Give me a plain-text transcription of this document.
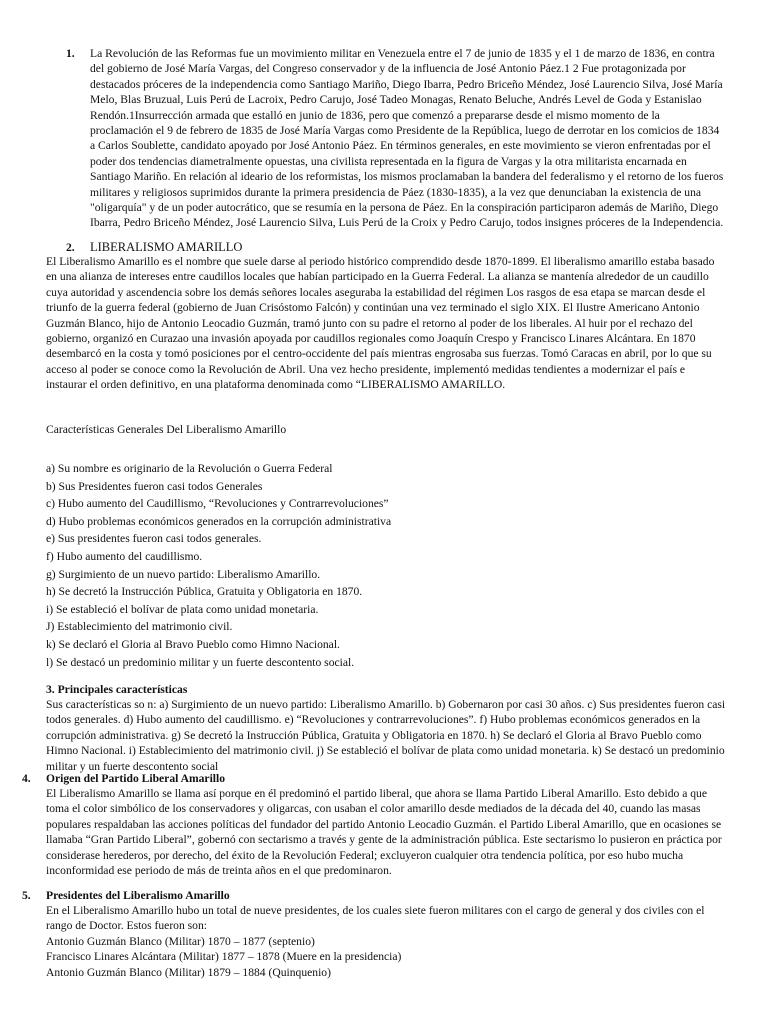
1. La Revolución de las Reformas fue un movimiento militar en Venezuela entre el 7 de junio de 1835 y el 1 de marzo de 1836, en contra del gobierno de José María Vargas, del Congreso conservador y de la influencia de José Antonio Páez.1 2 Fue protagonizada por destacados próceres de la independencia como Santiago Mariño, Diego Ibarra, Pedro Briceño Méndez, José Laurencio Silva, José María Melo, Blas Bruzual, Luis Perú de Lacroix, Pedro Carujo, José Tadeo Monagas, Renato Beluche, Andrés Level de Goda y Estanislao Rendón.1Insurrección armada que estalló en junio de 1836, pero que comenzó a prepararse desde el mismo momento de la proclamación el 9 de febrero de 1835 de José María Vargas como Presidente de la República, luego de derrotar en los comicios de 1834 a Carlos Soublette, candidato apoyado por José Antonio Páez. En términos generales, en este movimiento se vieron enfrentadas por el poder dos tendencias diametralmente opuestas, una civilista representada en la figura de Vargas y la otra militarista encarnada en Santiago Mariño. En relación al ideario de los reformistas, los mismos proclamaban la bandera del federalismo y el retorno de los fueros militares y religiosos suprimidos durante la primera presidencia de Páez (1830-1835), a la vez que denunciaban la existencia de una "oligarquía" y de un poder autocrático, que se resumía en la persona de Páez. En la conspiración participaron además de Mariño, Diego Ibarra, Pedro Briceño Méndez, José Laurencio Silva, Luis Perú de la Croix y Pedro Carujo, todos insignes próceres de la Independencia.

2. LIBERALISMO AMARILLO

El Liberalismo Amarillo es el nombre que suele darse al periodo histórico comprendido desde 1870-1899. El liberalismo amarillo estaba basado en una alianza de intereses entre caudillos locales que habían participado en la Guerra Federal. La alianza se mantenía alrededor de un caudillo cuya autoridad y ascendencia sobre los demás señores locales aseguraba la estabilidad del régimen Los rasgos de esa etapa se marcan desde el triunfo de la guerra federal (gobierno de Juan Crisóstomo Falcón) y continúan una vez terminado el siglo XIX. El Ilustre Americano Antonio Guzmán Blanco, hijo de Antonio Leocadio Guzmán, tramó junto con su padre el retorno al poder de los liberales. Al huir por el rechazo del gobierno, organizó en Curazao una invasión apoyada por caudillos regionales como Joaquín Crespo y Francisco Linares Alcántara. En 1870 desembarcó en la costa y tomó posiciones por el centro-occidente del país mientras engrosaba sus fuerzas. Tomó Caracas en abril, por lo que su acceso al poder se conoce como la Revolución de Abril. Una vez hecho presidente, implementó medidas tendientes a modernizar el país e instaurar el orden definitivo, en una plataforma denominada como “LIBERALISMO AMARILLO.

Características Generales Del Liberalismo Amarillo
a) Su nombre es originario de la Revolución o Guerra Federal
b) Sus Presidentes fueron casi todos Generales
c) Hubo aumento del Caudillismo, “Revoluciones y Contrarrevoluciones”
d) Hubo problemas económicos generados en la corrupción administrativa
e) Sus presidentes fueron casi todos generales.
f) Hubo aumento del caudillismo.
g) Surgimiento de un nuevo partido: Liberalismo Amarillo.
h) Se decretó la Instrucción Pública, Gratuita y Obligatoria en 1870.
i) Se estableció el bolívar de plata como unidad monetaria.
J) Establecimiento del matrimonio civil.
k) Se declaró el Gloria al Bravo Pueblo como Himno Nacional.
l) Se destacó un predominio militar y un fuerte descontento social.
3. Principales características

Sus características so n: a) Surgimiento de un nuevo partido: Liberalismo Amarillo. b) Gobernaron por casi 30 años. c) Sus presidentes fueron casi todos generales. d) Hubo aumento del caudillismo. e) “Revoluciones y contrarrevoluciones”. f) Hubo problemas económicos generados en la corrupción administrativa. g) Se decretó la Instrucción Pública, Gratuita y Obligatoria en 1870. h) Se declaró el Gloria al Bravo Pueblo como Himno Nacional. i) Establecimiento del matrimonio civil. j) Se estableció el bolívar de plata como unidad monetaria. k) Se destacó un predominio militar y un fuerte descontento social

4. Origen del Partido Liberal Amarillo

El Liberalismo Amarillo se llama así porque en él predominó el partido liberal, que ahora se llama Partido Liberal Amarillo. Esto debido a que toma el color simbólico de los conservadores y oligarcas, con usaban el color amarillo desde mediados de la década del 40, cuando las masas populares respaldaban las acciones políticas del fundador del partido Antonio Leocadio Guzmán. el Partido Liberal Amarillo, que en ocasiones se llamaba “Gran Partido Liberal”, gobernó con sectarismo a través y gente de la administración pública. Este sectarismo lo pusieron en práctica por considerase herederos, por derecho, del éxito de la Revolución Federal; excluyeron cualquier otra tendencia política, por eso hubo mucha inconformidad ese periodo de más de treinta años en el que predominaron.

5. Presidentes del Liberalismo Amarillo
En el Liberalismo Amarillo hubo un total de nueve presidentes, de los cuales siete fueron militares con el cargo de general y dos civiles con el rango de Doctor. Estos fueron son:
Antonio Guzmán Blanco (Militar) 1870 – 1877 (septenio)
Francisco Linares Alcántara (Militar) 1877 – 1878 (Muere en la presidencia)
Antonio Guzmán Blanco (Militar) 1879 – 1884 (Quinquenio)
